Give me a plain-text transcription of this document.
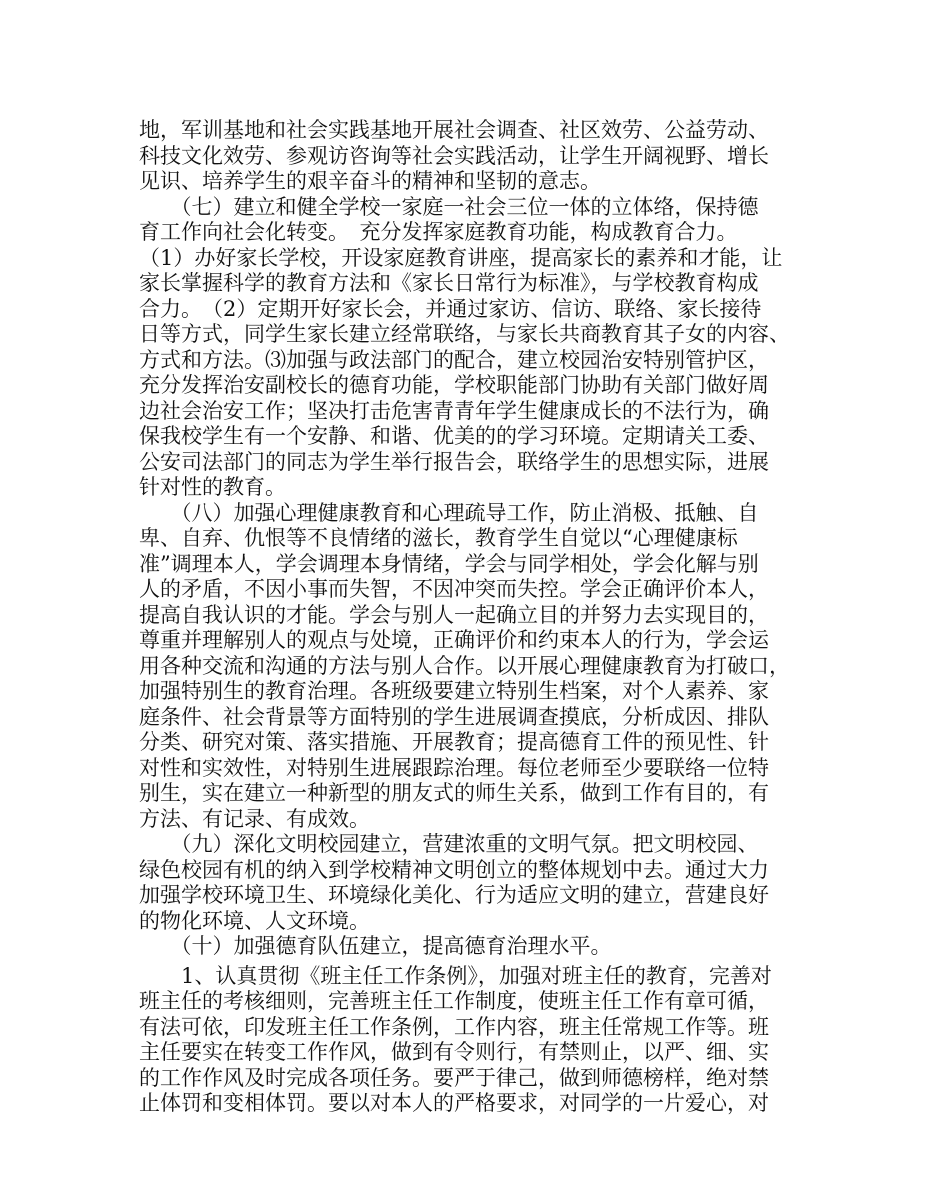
地，军训基地和社会实践基地开展社会调查、社区效劳、公益劳动、
科技文化效劳、参观访咨询等社会实践活动，让学生开阔视野、增长
见识、培养学生的艰辛奋斗的精神和坚韧的意志。
　　（七）建立和健全学校一家庭一社会三位一体的立体络，保持德
育工作向社会化转变。　充分发挥家庭教育功能，构成教育合力。
（1）办好家长学校，开设家庭教育讲座，提高家长的素养和才能，让
家长掌握科学的教育方法和《家长日常行为标准》，与学校教育构成
合力。　（2）定期开好家长会，并通过家访、信访、联络、家长接待
日等方式，同学生家长建立经常联络，与家长共商教育其子女的内容、
方式和方法。⑶加强与政法部门的配合，建立校园治安特别管护区，
充分发挥治安副校长的德育功能，学校职能部门协助有关部门做好周
边社会治安工作；坚决打击危害青青年学生健康成长的不法行为，确
保我校学生有一个安静、和谐、优美的的学习环境。定期请关工委、
公安司法部门的同志为学生举行报告会，联络学生的思想实际，进展
针对性的教育。
　　（八）加强心理健康教育和心理疏导工作，防止消极、抵触、自
卑、自弃、仇恨等不良情绪的滋长，教育学生自觉以“心理健康标
准”调理本人，学会调理本身情绪，学会与同学相处，学会化解与别
人的矛盾，不因小事而失智，不因冲突而失控。学会正确评价本人，
提高自我认识的才能。学会与别人一起确立目的并努力去实现目的，
尊重并理解别人的观点与处境，正确评价和约束本人的行为，学会运
用各种交流和沟通的方法与别人合作。以开展心理健康教育为打破口，
加强特别生的教育治理。各班级要建立特别生档案，对个人素养、家
庭条件、社会背景等方面特别的学生进展调查摸底，分析成因、排队
分类、研究对策、落实措施、开展教育；提高德育工件的预见性、针
对性和实效性，对特别生进展跟踪治理。每位老师至少要联络一位特
别生，实在建立一种新型的朋友式的师生关系，做到工作有目的，有
方法、有记录、有成效。
　　（九）深化文明校园建立，营建浓重的文明气氛。把文明校园、
绿色校园有机的纳入到学校精神文明创立的整体规划中去。通过大力
加强学校环境卫生、环境绿化美化、行为适应文明的建立，营建良好
的物化环境、人文环境。
　　（十）加强德育队伍建立，提高德育治理水平。
　　1、认真贯彻《班主任工作条例》，加强对班主任的教育，完善对
班主任的考核细则，完善班主任工作制度，使班主任工作有章可循，
有法可依，印发班主任工作条例，工作内容，班主任常规工作等。班
主任要实在转变工作作风，做到有令则行，有禁则止，以严、细、实
的工作作风及时完成各项任务。要严于律己，做到师德榜样，绝对禁
止体罚和变相体罚。要以对本人的严格要求，对同学的一片爱心，对
